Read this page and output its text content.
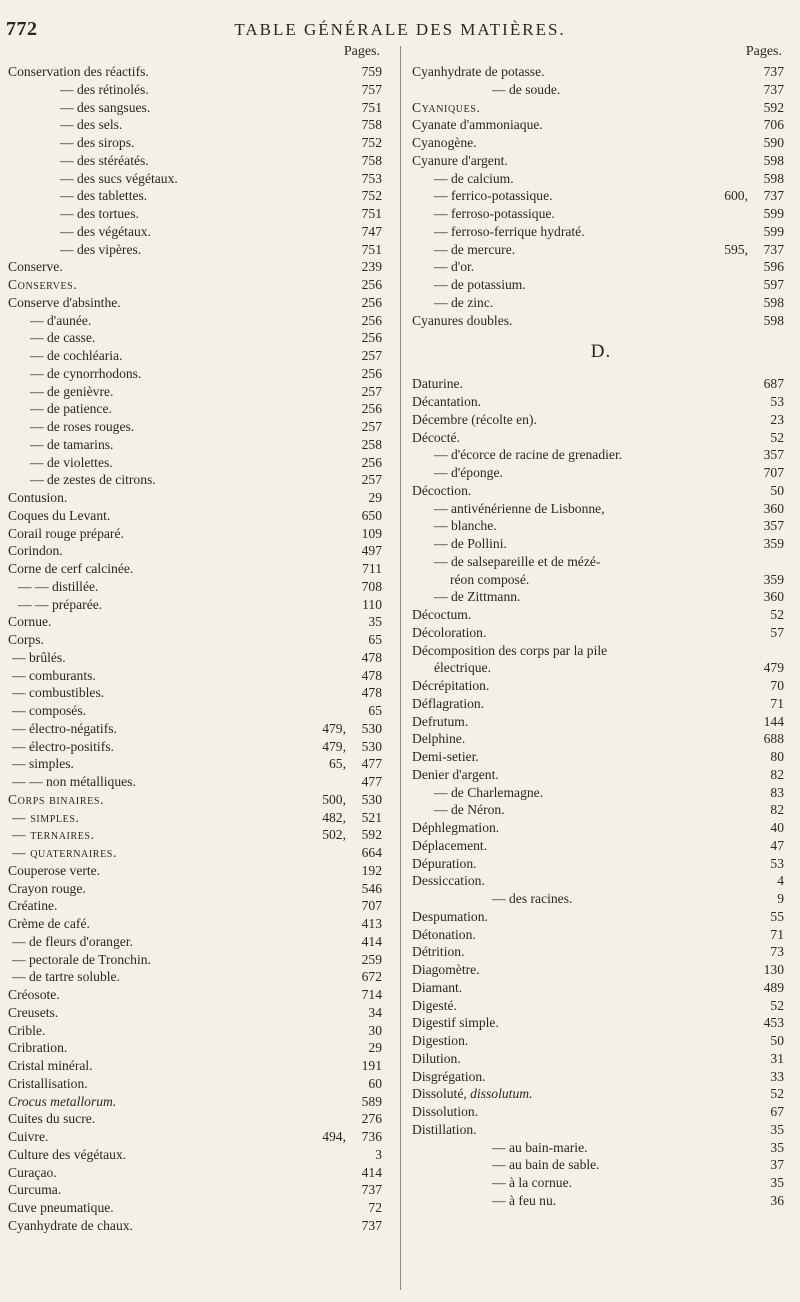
772	TABLE GÉNÉRALE DES MATIÈRES.
Pages.
Conservation des réactifs.	759
— des rétinolés.	757
— des sangsues.	751
— des sels.	758
— des sirops.	752
— des stéréatés.	758
— des sucs végétaux.	753
— des tablettes.	752
— des tortues.	751
— des végétaux.	747
— des vipères.	751
Conserve.	239
Conserves.	256
Conserve d'absinthe.	256
— d'aunée.	256
— de casse.	256
— de cochléaria.	257
— de cynorrhodons.	256
— de genièvre.	257
— de patience.	256
— de roses rouges.	257
— de tamarins.	258
— de violettes.	256
— de zestes de citrons.	257
Contusion.	29
Coques du Levant.	650
Corail rouge préparé.	109
Corindon.	497
Corne de cerf calcinée.	711
— — distillée.	708
— — préparée.	110
Cornue.	35
Corps.	65
— brûlés.	478
— comburants.	478
— combustibles.	478
— composés.	65
— électro-négatifs.	479, 530
— électro-positifs.	479, 530
— simples.	65, 477
— — non métalliques.	477
Corps binaires.	500, 530
— simples.	482, 521
— ternaires.	502, 592
— quaternaires.	664
Couperose verte.	192
Crayon rouge.	546
Créatine.	707
Crème de café.	413
— de fleurs d'oranger.	414
— pectorale de Tronchin.	259
— de tartre soluble.	672
Créosote.	714
Creusets.	34
Crible.	30
Cribration.	29
Cristal minéral.	191
Cristallisation.	60
Crocus metallorum.	589
Cuites du sucre.	276
Cuivre.	494, 736
Culture des végétaux.	3
Curaçao.	414
Curcuma.	737
Cuve pneumatique.	72
Cyanhydrate de chaux.	737
Pages.
Cyanhydrate de potasse.	737
— de soude.	737
Cyaniques.	592
Cyanate d'ammoniaque.	706
Cyanogène.	590
Cyanure d'argent.	598
— de calcium.	598
— ferrico-potassique.	600, 737
— ferroso-potassique.	599
— ferroso-ferrique hydraté.	599
— de mercure.	595, 737
— d'or.	596
— de potassium.	597
— de zinc.	598
Cyanures doubles.	598
D.
Daturine.	687
Décantation.	53
Décembre (récolte en).	23
Décocté.	52
— d'écorce de racine de grenadier.	357
— d'éponge.	707
Décoction.	50
— antivénérienne de Lisbonne,	360
— blanche.	357
— de Pollini.	359
— de salsepareille et de mézé-
réon composé.	359
— de Zittmann.	360
Décoctum.	52
Décoloration.	57
Décomposition des corps par la pile
électrique.	479
Décrépitation.	70
Déflagration.	71
Defrutum.	144
Delphine.	688
Demi-setier.	80
Denier d'argent.	82
— de Charlemagne.	83
— de Néron.	82
Déphlegmation.	40
Déplacement.	47
Dépuration.	53
Dessiccation.	4
— des racines.	9
Despumation.	55
Détonation.	71
Détrition.	73
Diagomètre.	130
Diamant.	489
Digesté.	52
Digestif simple.	453
Digestion.	50
Dilution.	31
Disgrégation.	33
Dissoluté, dissolutum.	52
Dissolution.	67
Distillation.	35
— au bain-marie.	35
— au bain de sable.	37
— à la cornue.	35
— à feu nu.	36
